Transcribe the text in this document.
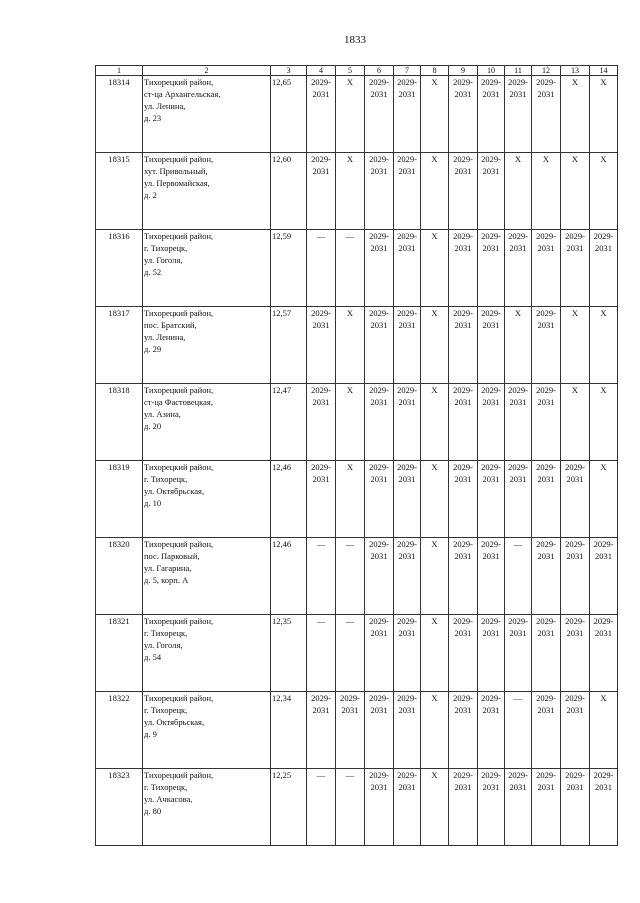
1833
1	2	3	4	5	6	7	8	9	10	11	12	13	14
18314	Тихорецкий район,
ст-ца Архангельская,
ул. Ленина,
д. 23	12,65	2029-
2031	X	2029-
2031	2029-
2031	X	2029-
2031	2029-
2031	2029-
2031	2029-
2031	X	X

18315	Тихорецкий район,
хут. Привольный,
ул. Первомайская,
д. 2	12,60	2029-
2031	X	2029-
2031	2029-
2031	X	2029-
2031	2029-
2031	X	X	X	X

18316	Тихорецкий район,
г. Тихорецк,
ул. Гоголя,
д. 52	12,59	—	—	2029-
2031	2029-
2031	X	2029-
2031	2029-
2031	2029-
2031	2029-
2031	2029-
2031	2029-
2031

18317	Тихорецкий район,
пос. Братский,
ул. Ленина,
д. 29	12,57	2029-
2031	X	2029-
2031	2029-
2031	X	2029-
2031	2029-
2031	X	2029-
2031	X	X

18318	Тихорецкий район,
ст-ца Фастовецкая,
ул. Азина,
д. 20	12,47	2029-
2031	X	2029-
2031	2029-
2031	X	2029-
2031	2029-
2031	2029-
2031	2029-
2031	X	X

18319	Тихорецкий район,
г. Тихорецк,
ул. Октябрьская,
д. 10	12,46	2029-
2031	X	2029-
2031	2029-
2031	X	2029-
2031	2029-
2031	2029-
2031	2029-
2031	2029-
2031	X

18320	Тихорецкий район,
пос. Парковый,
ул. Гагарина,
д. 5, корп. А	12,46	—	—	2029-
2031	2029-
2031	X	2029-
2031	2029-
2031	—	2029-
2031	2029-
2031	2029-
2031

18321	Тихорецкий район,
г. Тихорецк,
ул. Гоголя,
д. 54	12,35	—	—	2029-
2031	2029-
2031	X	2029-
2031	2029-
2031	2029-
2031	2029-
2031	2029-
2031	2029-
2031

18322	Тихорецкий район,
г. Тихорецк,
ул. Октябрьская,
д. 9	12,34	2029-
2031	2029-
2031	2029-
2031	2029-
2031	X	2029-
2031	2029-
2031	—	2029-
2031	2029-
2031	X

18323	Тихорецкий район,
г. Тихорецк,
ул. Ачкасова,
д. 80	12,25	—	—	2029-
2031	2029-
2031	X	2029-
2031	2029-
2031	2029-
2031	2029-
2031	2029-
2031	2029-
2031
